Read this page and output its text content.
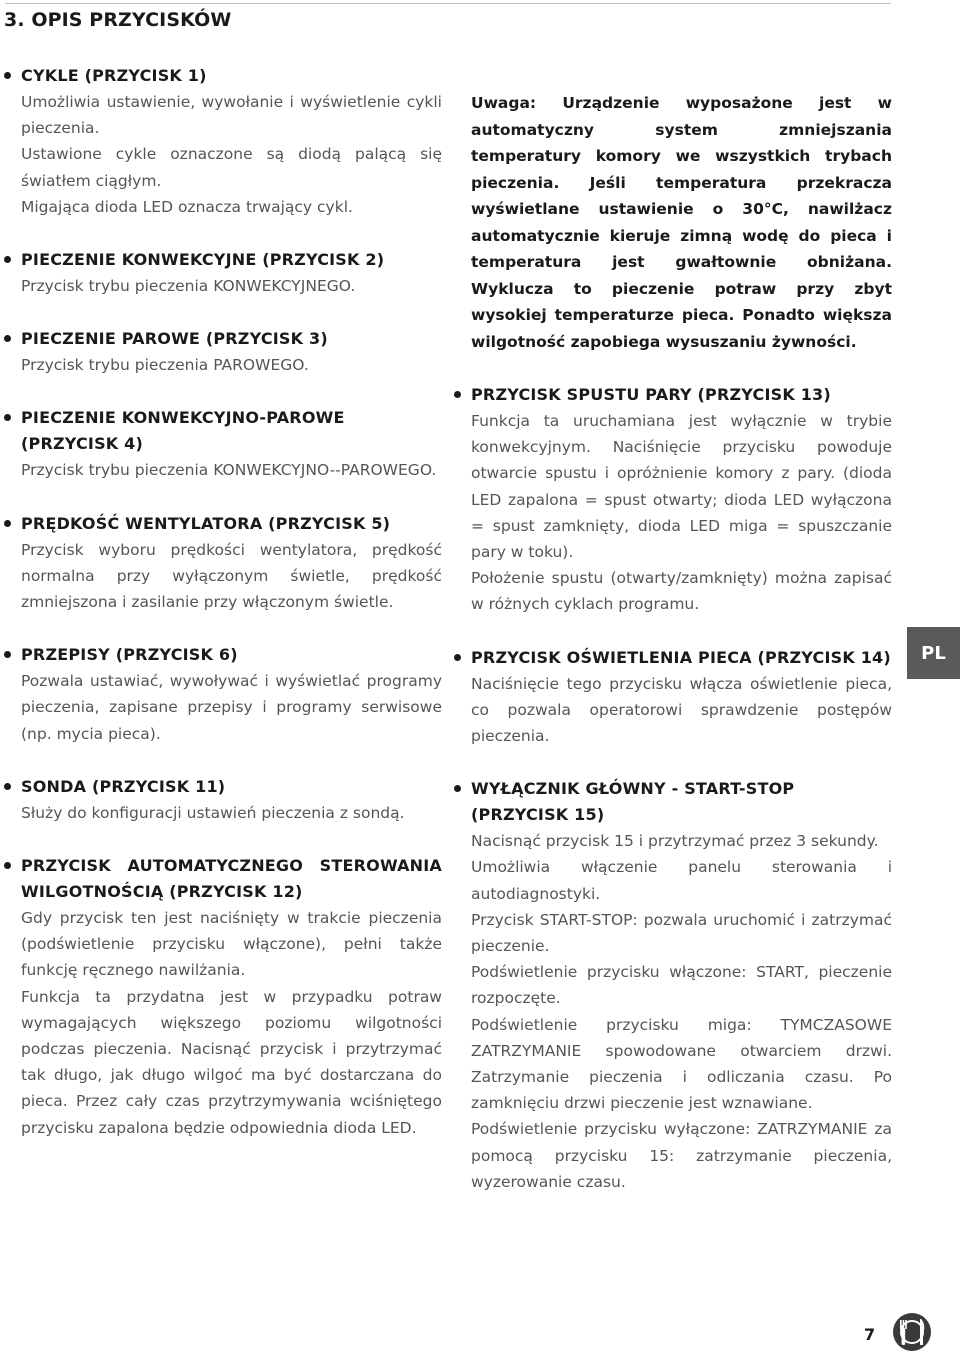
3. OPIS PRZYCISKÓW
CYKLE (PRZYCISK 1)

Umożliwia ustawienie, wywołanie i wyświetlenie cykli pieczenia.

Ustawione cykle oznaczone są diodą palącą się światłem ciągłym.

Migająca dioda LED oznacza trwający cykl.

PIECZENIE KONWEKCYJNE (PRZYCISK 2)

Przycisk trybu pieczenia KONWEKCYJNEGO.

PIECZENIE PAROWE (PRZYCISK 3)

Przycisk trybu pieczenia PAROWEGO.

PIECZENIE KONWEKCYJNO-PAROWE (PRZYCISK 4)

Przycisk trybu pieczenia KONWEKCYJNO--PAROWEGO.

PRĘDKOŚĆ WENTYLATORA (PRZYCISK 5)

Przycisk wyboru prędkości wentylatora, prędkość normalna przy wyłączonym świetle, prędkość zmniejszona i zasilanie przy włączonym świetle.

PRZEPISY (PRZYCISK 6)

Pozwala ustawiać, wywoływać i wyświetlać programy pieczenia, zapisane przepisy i programy serwisowe (np. mycia pieca).

SONDA (PRZYCISK 11)

Służy do konfiguracji ustawień pieczenia z sondą.

PRZYCISK AUTOMATYCZNEGO STEROWANIA WILGOTNOŚCIĄ (PRZYCISK 12)

Gdy przycisk ten jest naciśnięty w trakcie pieczenia (podświetlenie przycisku włączone), pełni także funkcję ręcznego nawilżania.

Funkcja ta przydatna jest w przypadku potraw wymagających większego poziomu wilgotności podczas pieczenia. Nacisnąć przycisk i przytrzymać tak długo, jak długo wilgoć ma być dostarczana do pieca. Przez cały czas przytrzymywania wciśniętego przycisku zapalona będzie odpowiednia dioda LED.

Uwaga: Urządzenie wyposażone jest w automatyczny system zmniejszania temperatury komory we wszystkich trybach pieczenia. Jeśli temperatura przekracza wyświetlane ustawienie o 30°C, nawilżacz automatycznie kieruje zimną wodę do pieca i temperatura jest gwałtownie obniżana. Wyklucza to pieczenie potraw przy zbyt wysokiej temperaturze pieca. Ponadto większa wilgotność zapobiega wysuszaniu żywności.

PRZYCISK SPUSTU PARY (PRZYCISK 13)

Funkcja ta uruchamiana jest wyłącznie w trybie konwekcyjnym. Naciśnięcie przycisku powoduje otwarcie spustu i opróżnienie komory z pary. (dioda LED zapalona = spust otwarty; dioda LED wyłączona = spust zamknięty, dioda LED miga = spuszczanie pary w toku).

Położenie spustu (otwarty/zamknięty) można zapisać w różnych cyklach programu.

PRZYCISK OŚWIETLENIA PIECA (PRZYCISK 14)

Naciśnięcie tego przycisku włącza oświetlenie pieca, co pozwala operatorowi sprawdzenie postępów pieczenia.

WYŁĄCZNIK GŁÓWNY - START-STOP (PRZYCISK 15)

Nacisnąć przycisk 15 i przytrzymać przez 3 sekundy.

Umożliwia włączenie panelu sterowania i autodiagnostyki.

Przycisk START-STOP: pozwala uruchomić i zatrzymać pieczenie.

Podświetlenie przycisku włączone: START, pieczenie rozpoczęte.

Podświetlenie przycisku miga: TYMCZASOWE ZATRZYMANIE spowodowane otwarciem drzwi. Zatrzymanie pieczenia i odliczania czasu. Po zamknięciu drzwi pieczenie jest wznawiane.

Podświetlenie przycisku wyłączone: ZATRZYMANIE za pomocą przycisku 15: zatrzymanie pieczenia, wyzerowanie czasu.

PL
7
